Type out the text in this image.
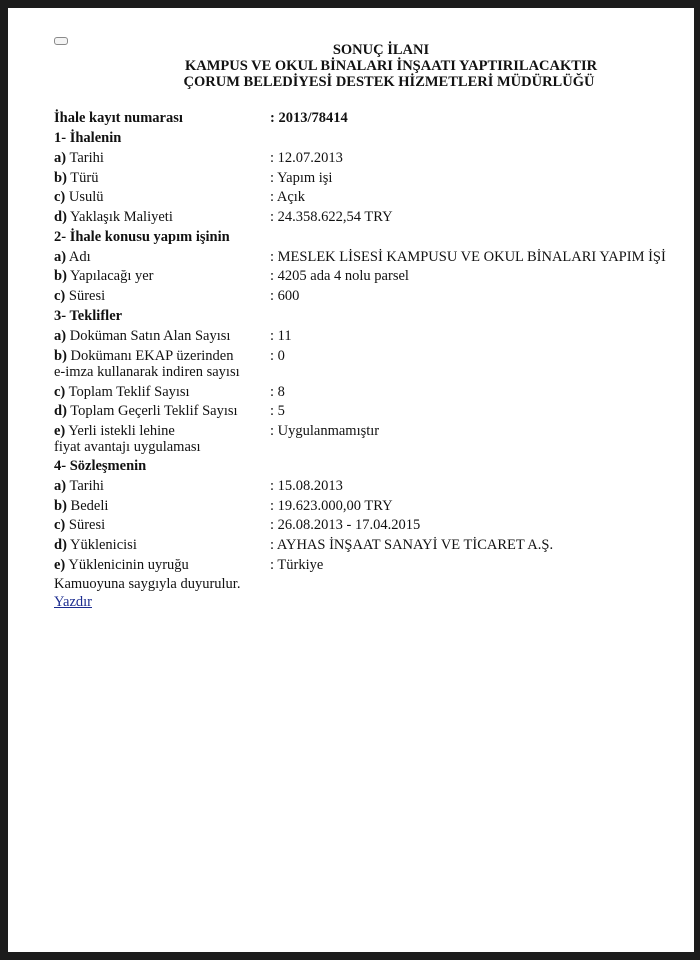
SONUÇ İLANI
KAMPUS VE OKUL BİNALARI İNŞAATI YAPTIRILACAKTIR
ÇORUM BELEDİYESİ DESTEK HİZMETLERİ MÜDÜRLÜĞÜ
İhale kayıt numarası	: 2013/78414
1- İhalenin
a) Tarihi	: 12.07.2013
b) Türü	: Yapım işi
c) Usulü	: Açık
d) Yaklaşık Maliyeti	: 24.358.622,54 TRY
2- İhale konusu yapım işinin
a) Adı	: MESLEK LİSESİ KAMPUSU VE OKUL BİNALARI YAPIM İŞİ
b) Yapılacağı yer	: 4205 ada 4 nolu parsel
c) Süresi	: 600
3- Teklifler
a) Doküman Satın Alan Sayısı	: 11
b) Dokümanı EKAP üzerinden
e-imza kullanarak indiren sayısı
: 0
c) Toplam Teklif Sayısı	: 8
d) Toplam Geçerli Teklif Sayısı : 5
e) Yerli istekli lehine
fiyat avantajı uygulaması
: Uygulanmamıştır
4- Sözleşmenin
a) Tarihi	: 15.08.2013
b) Bedeli	: 19.623.000,00 TRY
c) Süresi	: 26.08.2013 - 17.04.2015
d) Yüklenicisi	: AYHAS İNŞAAT SANAYİ VE TİCARET A.Ş.
e) Yüklenicinin uyruğu	: Türkiye
Kamuoyuna saygıyla duyurulur.
Yazdır
